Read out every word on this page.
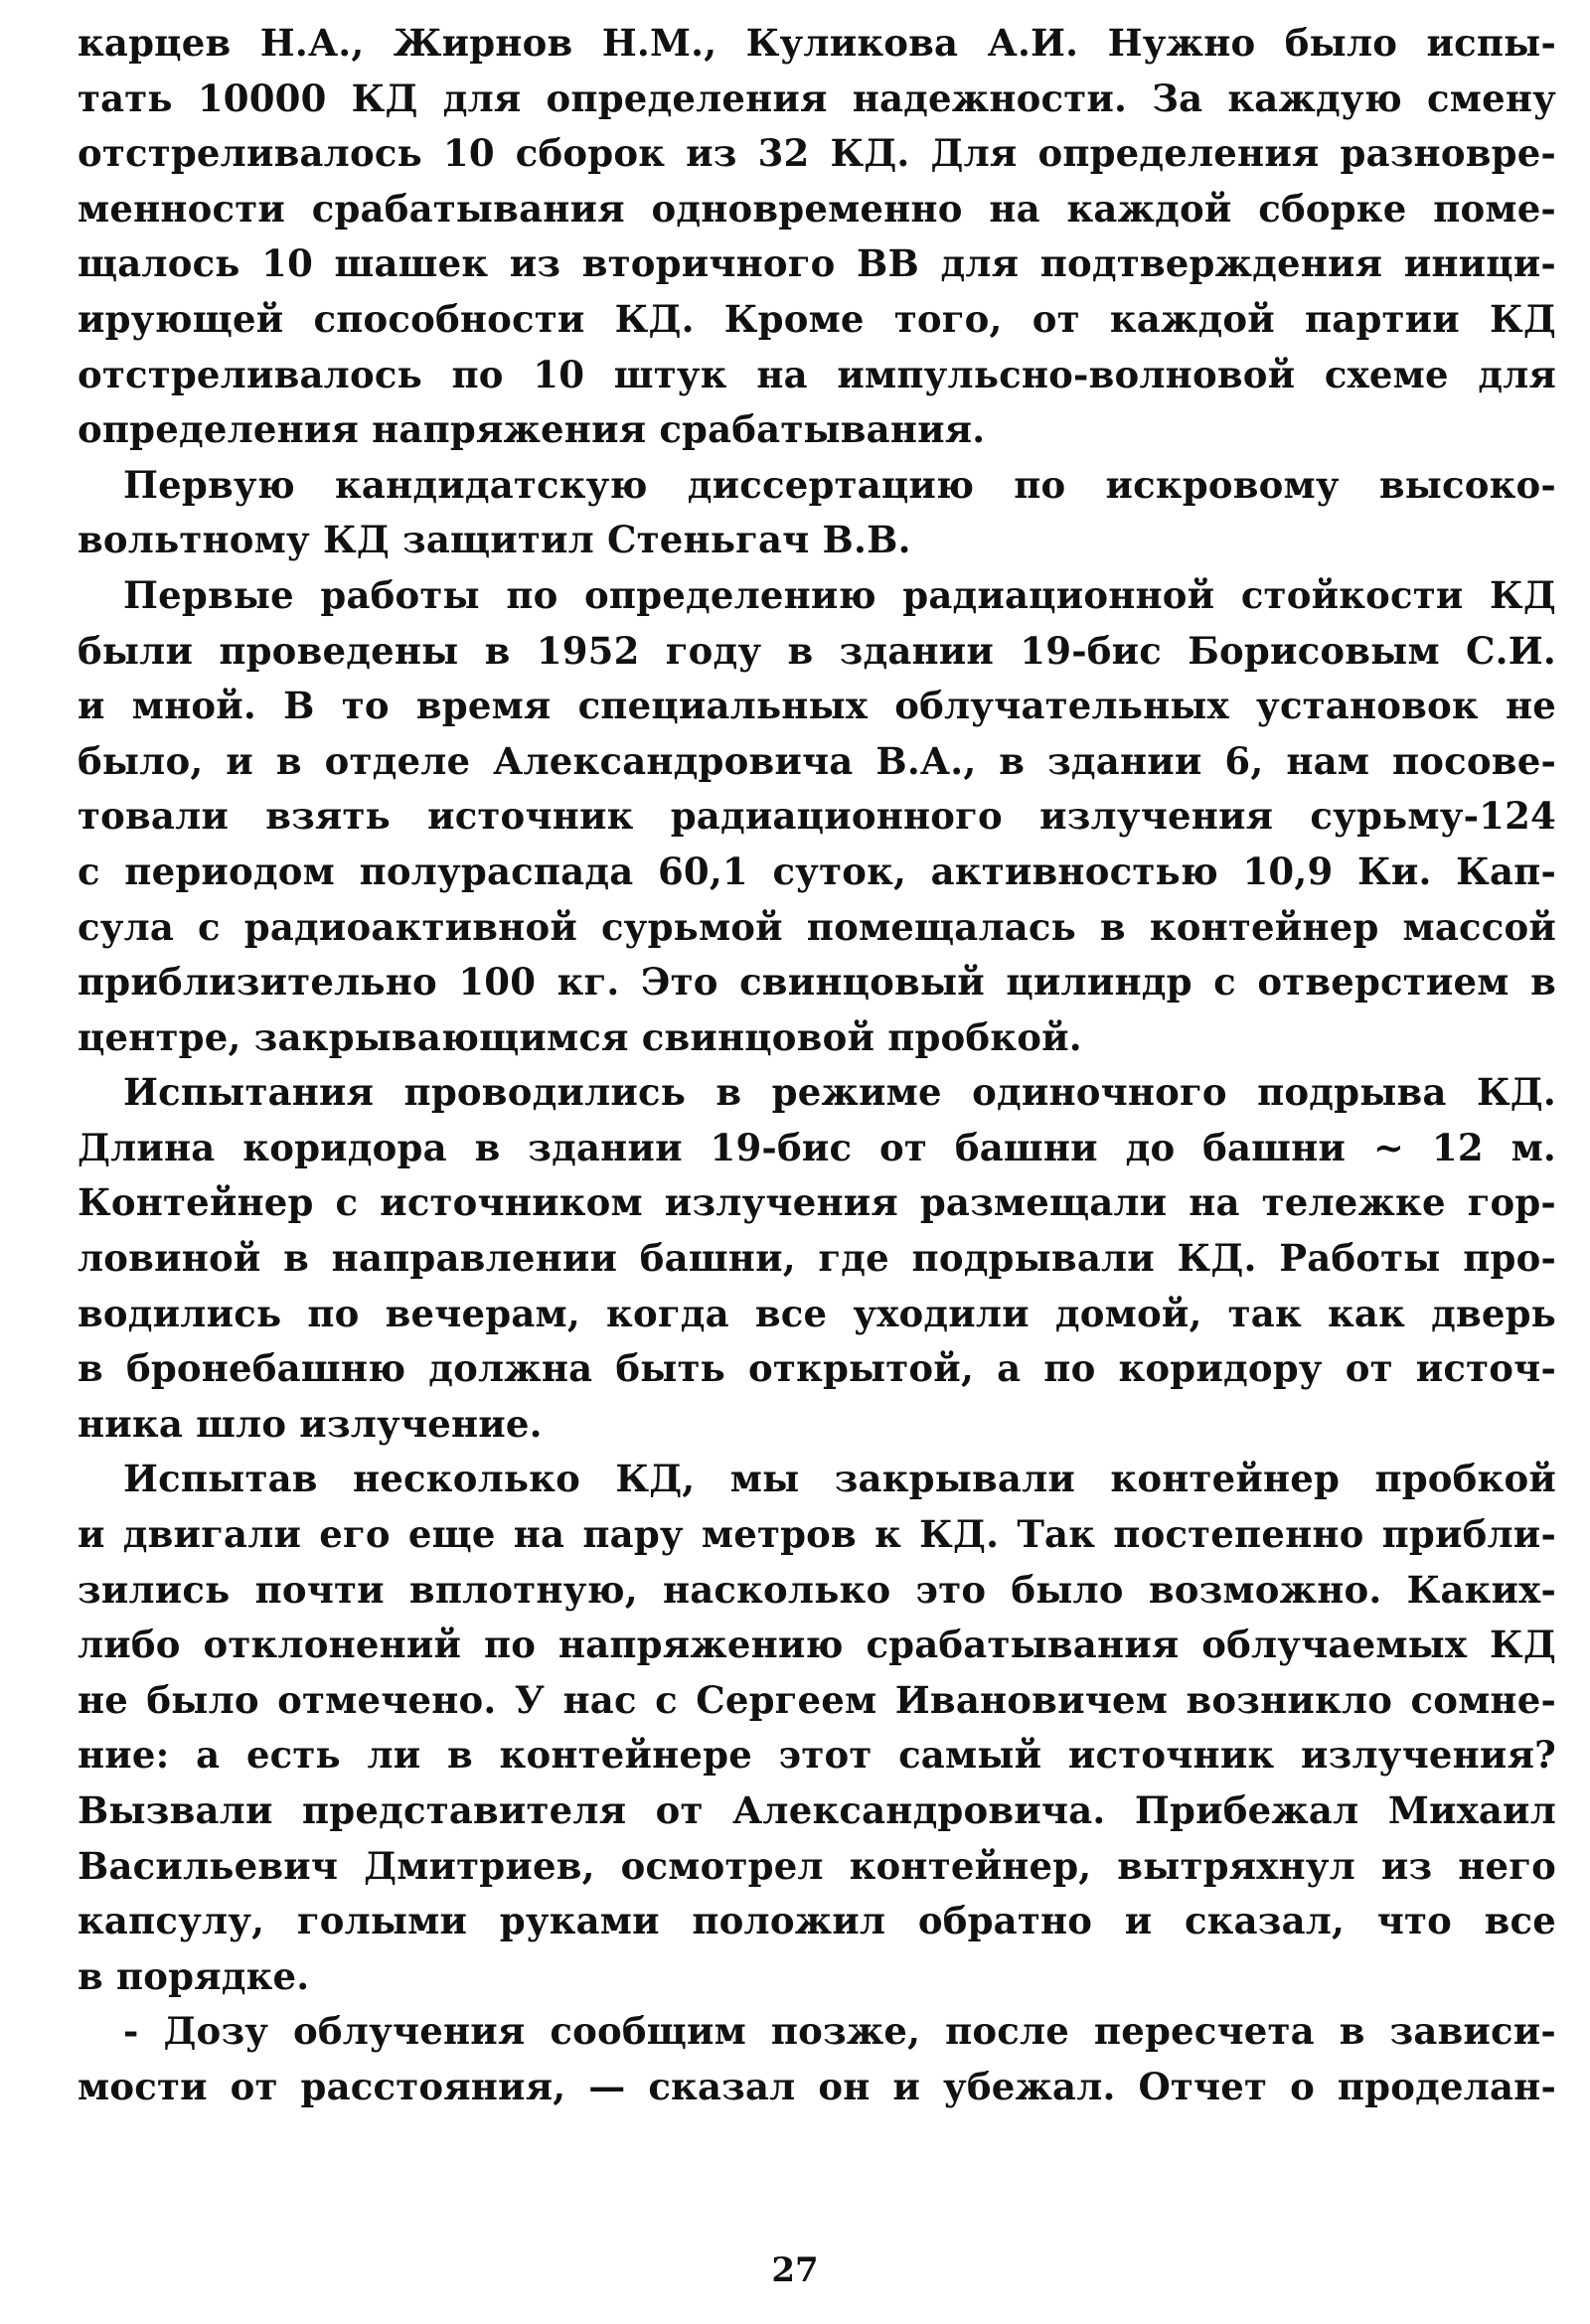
карцев Н.А., Жирнов Н.М., Куликова А.И. Нужно было испы-
тать 10000 КД для определения надежности. За каждую смену
отстреливалось 10 сборок из 32 КД. Для определения разновре-
менности срабатывания одновременно на каждой сборке поме-
щалось 10 шашек из вторичного ВВ для подтверждения иници-
ирующей способности КД. Кроме того, от каждой партии КД
отстреливалось по 10 штук на импульсно-волновой схеме для
определения напряжения срабатывания.
Первую кандидатскую диссертацию по искровому высоко-
вольтному КД защитил Стеньгач В.В.
Первые работы по определению радиационной стойкости КД
были проведены в 1952 году в здании 19-бис Борисовым С.И.
и мной. В то время специальных облучательных установок не
было, и в отделе Александровича В.А., в здании 6, нам посове-
товали взять источник радиационного излучения сурьму-124
с периодом полураспада 60,1 суток, активностью 10,9 Ки. Кап-
сула с радиоактивной сурьмой помещалась в контейнер массой
приблизительно 100 кг. Это свинцовый цилиндр с отверстием в
центре, закрывающимся свинцовой пробкой.
Испытания проводились в режиме одиночного подрыва КД.
Длина коридора в здании 19-бис от башни до башни ~ 12 м.
Контейнер с источником излучения размещали на тележке гор-
ловиной в направлении башни, где подрывали КД. Работы про-
водились по вечерам, когда все уходили домой, так как дверь
в бронебашню должна быть открытой, а по коридору от источ-
ника шло излучение.
Испытав несколько КД, мы закрывали контейнер пробкой
и двигали его еще на пару метров к КД. Так постепенно прибли-
зились почти вплотную, насколько это было возможно. Каких-
либо отклонений по напряжению срабатывания облучаемых КД
не было отмечено. У нас с Сергеем Ивановичем возникло сомне-
ние: а есть ли в контейнере этот самый источник излучения?
Вызвали представителя от Александровича. Прибежал Михаил
Васильевич Дмитриев, осмотрел контейнер, вытряхнул из него
капсулу, голыми руками положил обратно и сказал, что все
в порядке.
- Дозу облучения сообщим позже, после пересчета в зависи-
мости от расстояния, — сказал он и убежал. Отчет о проделан-
27
